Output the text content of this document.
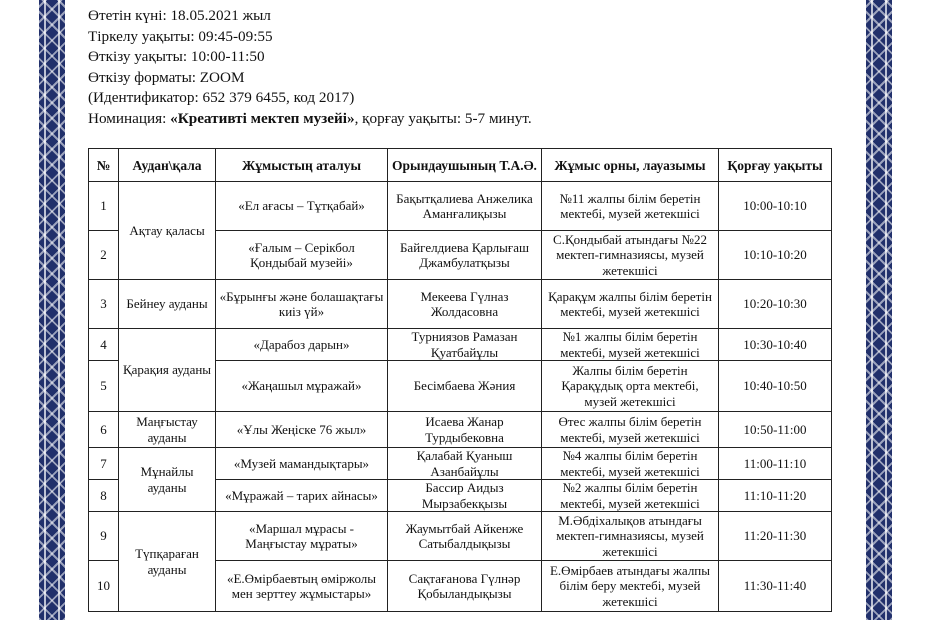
Өтетін күні: 18.05.2021 жыл
Тіркелу уақыты: 09:45-09:55
Өткізу уақыты: 10:00-11:50
Өткізу форматы: ZOOM
(Идентификатор: 652 379 6455, код 2017)
Номинация: «Креативті мектеп музейі», қорғау уақыты: 5-7 минут.
№	Аудан\қала	Жұмыстың аталуы	Орындаушының Т.А.Ә.	Жұмыс орны, лауазымы	Қорғау уақыты
1	Ақтау қаласы	«Ел ағасы – Тұтқабай»	Бақытқалиева Анжелика Аманғалиқызы	№11 жалпы білім беретін мектебі, музей жетекшісі	10:00-10:10
2		«Ғалым – Серікбол Қондыбай музейі»	Байгелдиева Қарлығаш Джамбулатқызы	С.Қондыбай атындағы №22 мектеп-гимназиясы, музей жетекшісі	10:10-10:20
3	Бейнеу ауданы	«Бұрынғы және болашақтағы киіз үй»	Мекеева Гүлназ Жолдасовна	Қарақұм жалпы білім беретін мектебі, музей жетекшісі	10:20-10:30
4	Қарақия ауданы	«Дарабоз дарын»	Турниязов Рамазан Қуатбайұлы	№1 жалпы білім беретін мектебі, музей жетекшісі	10:30-10:40
5		«Жаңашыл мұражай»	Бесімбаева Жәния	Жалпы білім беретін Қарақұдық орта мектебі, музей жетекшісі	10:40-10:50
6	Маңғыстау ауданы	«Ұлы Жеңіске 76 жыл»	Исаева Жанар Турдыбековна	Өтес жалпы білім беретін мектебі, музей жетекшісі	10:50-11:00
7	Мұнайлы ауданы	«Музей мамандықтары»	Қалабай Қуаныш Азанбайұлы	№4 жалпы білім беретін мектебі, музей жетекшісі	11:00-11:10
8		«Мұражай – тарих айнасы»	Бассир Аидыз Мырзабекқызы	№2 жалпы білім беретін мектебі, музей жетекшісі	11:10-11:20
9	Түпқараған ауданы	«Маршал мұрасы - Маңғыстау мұраты»	Жаумытбай Айкенже Сатыбалдықызы	М.Әбдіхалықов атындағы мектеп-гимназиясы, музей жетекшісі	11:20-11:30
10		«Е.Өмірбаевтың өміржолы мен зерттеу жұмыстары»	Сақтағанова Гүлнәр Қобыландықызы	Е.Өмірбаев атындағы жалпы білім беру мектебі, музей жетекшісі	11:30-11:40
